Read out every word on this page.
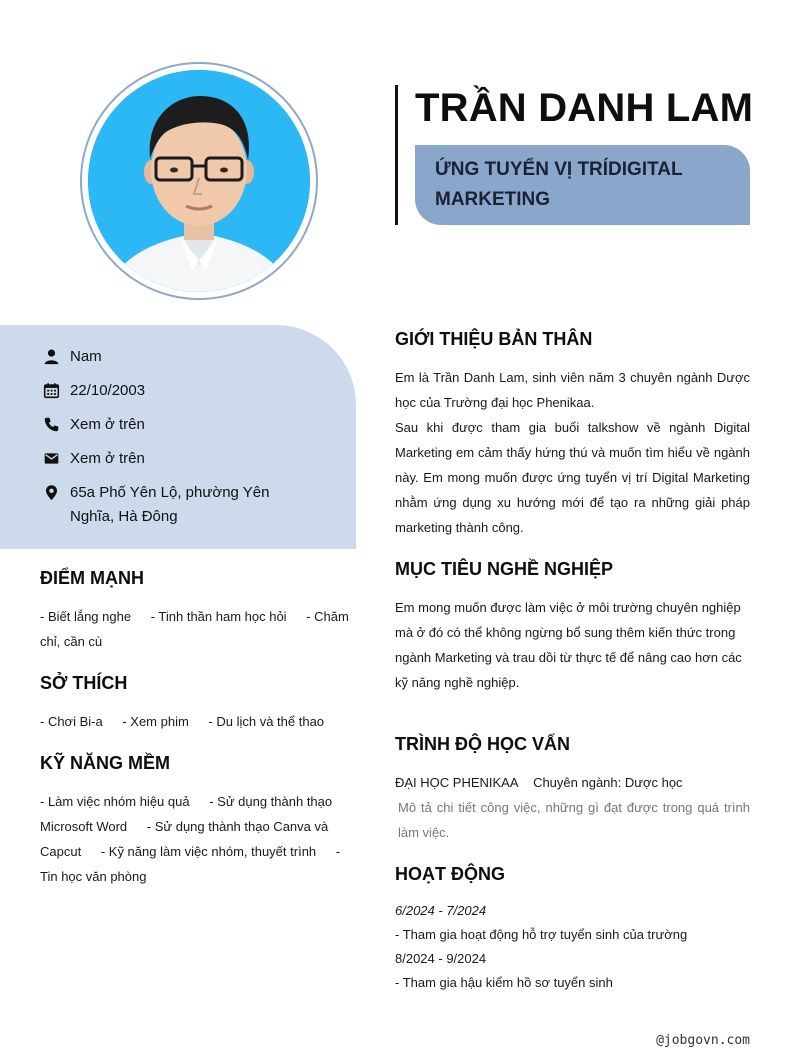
TRẦN DANH LAM
ỨNG TUYỂN VỊ TRÍDIGITAL MARKETING
Nam
22/10/2003
Xem ở trên
Xem ở trên
65a Phố Yên Lộ, phường Yên Nghĩa, Hà Đông
ĐIỂM MẠNH
- Biết lắng nghe - Tinh thần ham học hỏi - Chăm chỉ, cần cù
SỞ THÍCH
- Chơi Bi-a - Xem phim - Du lịch và thể thao
KỸ NĂNG MỀM
- Làm việc nhóm hiệu quả - Sử dụng thành thạo Microsoft Word - Sử dụng thành thạo Canva và Capcut - Kỹ năng làm việc nhóm, thuyết trình - Tin học văn phòng
GIỚI THIỆU BẢN THÂN
Em là Trần Danh Lam, sinh viên năm 3 chuyên ngành Dược học của Trường đại học Phenikaa.
Sau khi được tham gia buổi talkshow về ngành Digital Marketing em cảm thấy hứng thú và muốn tìm hiểu về ngành này. Em mong muốn được ứng tuyển vị trí Digital Marketing nhằm ứng dụng xu hướng mới để tạo ra những giải pháp marketing thành công.
MỤC TIÊU NGHỀ NGHIỆP
Em mong muốn được làm việc ở môi trường chuyên nghiệp mà ở đó có thể không ngừng bổ sung thêm kiến thức trong ngành Marketing và trau dồi từ thực tế để nâng cao hơn các kỹ năng nghề nghiệp.
TRÌNH ĐỘ HỌC VẤN
ĐẠI HỌC PHENIKAA Chuyên ngành: Dược học
Mô tả chi tiết công việc, những gì đạt được trong quá trình làm việc.
HOẠT ĐỘNG
6/2024 - 7/2024
- Tham gia hoạt động hỗ trợ tuyển sinh của trường
8/2024 - 9/2024
- Tham gia hậu kiểm hồ sơ tuyển sinh
@jobgovn.com
